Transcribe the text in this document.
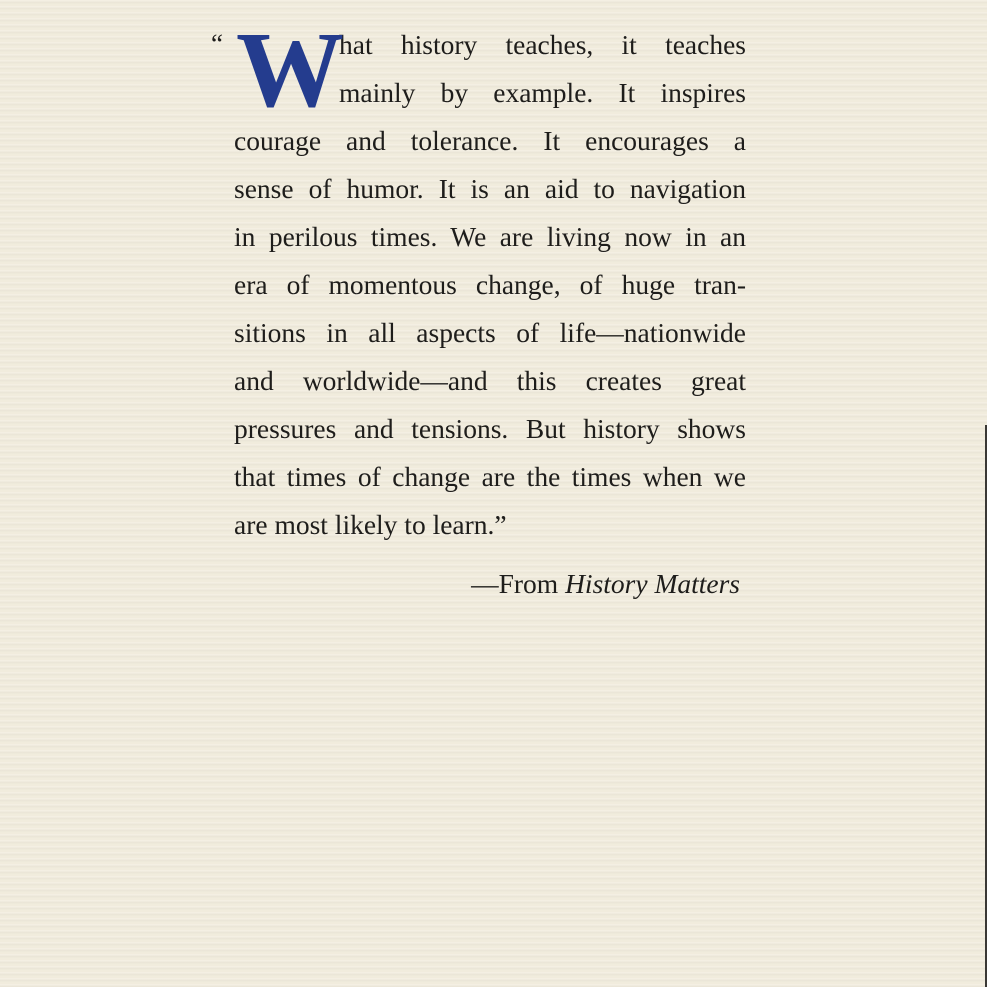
“ W
hat history teaches, it teaches
mainly by example. It inspires
courage and tolerance. It encourages a
sense of humor. It is an aid to navigation
in perilous times. We are living now in an
era of momentous change, of huge tran-
sitions in all aspects of life—nationwide
and worldwide—and this creates great
pressures and tensions. But history shows
that times of change are the times when we
are most likely to learn.”
—From History Matters
